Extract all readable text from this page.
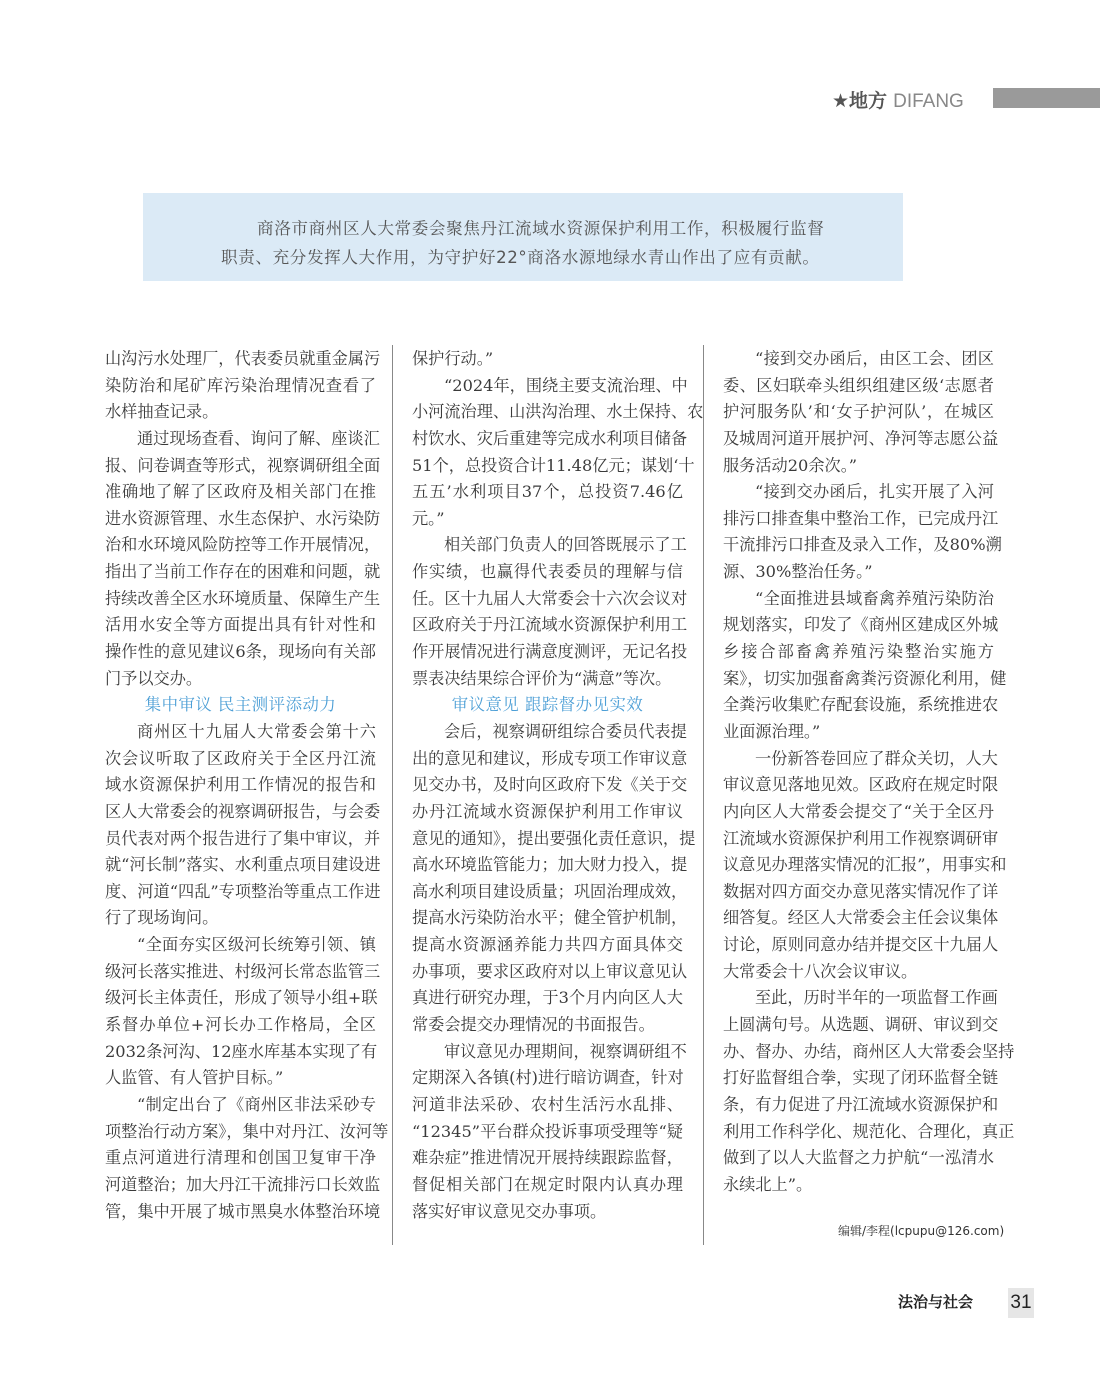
★地方 DIFANG
商洛市商州区人大常委会聚焦丹江流域水资源保护利用工作，积极履行监督
职责、充分发挥人大作用，为守护好22°商洛水源地绿水青山作出了应有贡献。
山沟污水处理厂，代表委员就重金属污
染防治和尾矿库污染治理情况查看了
水样抽查记录。
通过现场查看、询问了解、座谈汇
报、问卷调查等形式，视察调研组全面
准确地了解了区政府及相关部门在推
进水资源管理、水生态保护、水污染防
治和水环境风险防控等工作开展情况，
指出了当前工作存在的困难和问题，就
持续改善全区水环境质量、保障生产生
活用水安全等方面提出具有针对性和
操作性的意见建议6条，现场向有关部
门予以交办。
集中审议 民主测评添动力
商州区十九届人大常委会第十六
次会议听取了区政府关于全区丹江流
域水资源保护利用工作情况的报告和
区人大常委会的视察调研报告，与会委
员代表对两个报告进行了集中审议，并
就“河长制”落实、水利重点项目建设进
度、河道“四乱”专项整治等重点工作进
行了现场询问。
“全面夯实区级河长统筹引领、镇
级河长落实推进、村级河长常态监管三
级河长主体责任，形成了领导小组+联
系督办单位+河长办工作格局，全区
2032条河沟、12座水库基本实现了有
人监管、有人管护目标。”
“制定出台了《商州区非法采砂专
项整治行动方案》，集中对丹江、汝河等
重点河道进行清理和创国卫复审干净
河道整治；加大丹江干流排污口长效监
管，集中开展了城市黑臭水体整治环境
保护行动。”
“2024年，围绕主要支流治理、中
小河流治理、山洪沟治理、水土保持、农
村饮水、灾后重建等完成水利项目储备
51个，总投资合计11.48亿元；谋划‘十
五五’水利项目37个，总投资7.46亿
元。”
相关部门负责人的回答既展示了工
作实绩，也赢得代表委员的理解与信
任。区十九届人大常委会十六次会议对
区政府关于丹江流域水资源保护利用工
作开展情况进行满意度测评，无记名投
票表决结果综合评价为“满意”等次。
审议意见 跟踪督办见实效
会后，视察调研组综合委员代表提
出的意见和建议，形成专项工作审议意
见交办书，及时向区政府下发《关于交
办丹江流域水资源保护利用工作审议
意见的通知》，提出要强化责任意识，提
高水环境监管能力；加大财力投入，提
高水利项目建设质量；巩固治理成效，
提高水污染防治水平；健全管护机制，
提高水资源涵养能力共四方面具体交
办事项，要求区政府对以上审议意见认
真进行研究办理，于3个月内向区人大
常委会提交办理情况的书面报告。
审议意见办理期间，视察调研组不
定期深入各镇(村)进行暗访调查，针对
河道非法采砂、农村生活污水乱排、
“12345”平台群众投诉事项受理等“疑
难杂症”推进情况开展持续跟踪监督，
督促相关部门在规定时限内认真办理
落实好审议意见交办事项。
“接到交办函后，由区工会、团区
委、区妇联牵头组织组建区级‘志愿者
护河服务队’和‘女子护河队’，在城区
及城周河道开展护河、净河等志愿公益
服务活动20余次。”
“接到交办函后，扎实开展了入河
排污口排查集中整治工作，已完成丹江
干流排污口排查及录入工作，及80%溯
源、30%整治任务。”
“全面推进县域畜禽养殖污染防治
规划落实，印发了《商州区建成区外城
乡接合部畜禽养殖污染整治实施方
案》，切实加强畜禽粪污资源化利用，健
全粪污收集贮存配套设施，系统推进农
业面源治理。”
一份新答卷回应了群众关切，人大
审议意见落地见效。区政府在规定时限
内向区人大常委会提交了“关于全区丹
江流域水资源保护利用工作视察调研审
议意见办理落实情况的汇报”，用事实和
数据对四方面交办意见落实情况作了详
细答复。经区人大常委会主任会议集体
讨论，原则同意办结并提交区十九届人
大常委会十八次会议审议。
至此，历时半年的一项监督工作画
上圆满句号。从选题、调研、审议到交
办、督办、办结，商州区人大常委会坚持
打好监督组合拳，实现了闭环监督全链
条，有力促进了丹江流域水资源保护和
利用工作科学化、规范化、合理化，真正
做到了以人大监督之力护航“一泓清水
永续北上”。
编辑/李程(lcpupu@126.com)
法治与社会 31
